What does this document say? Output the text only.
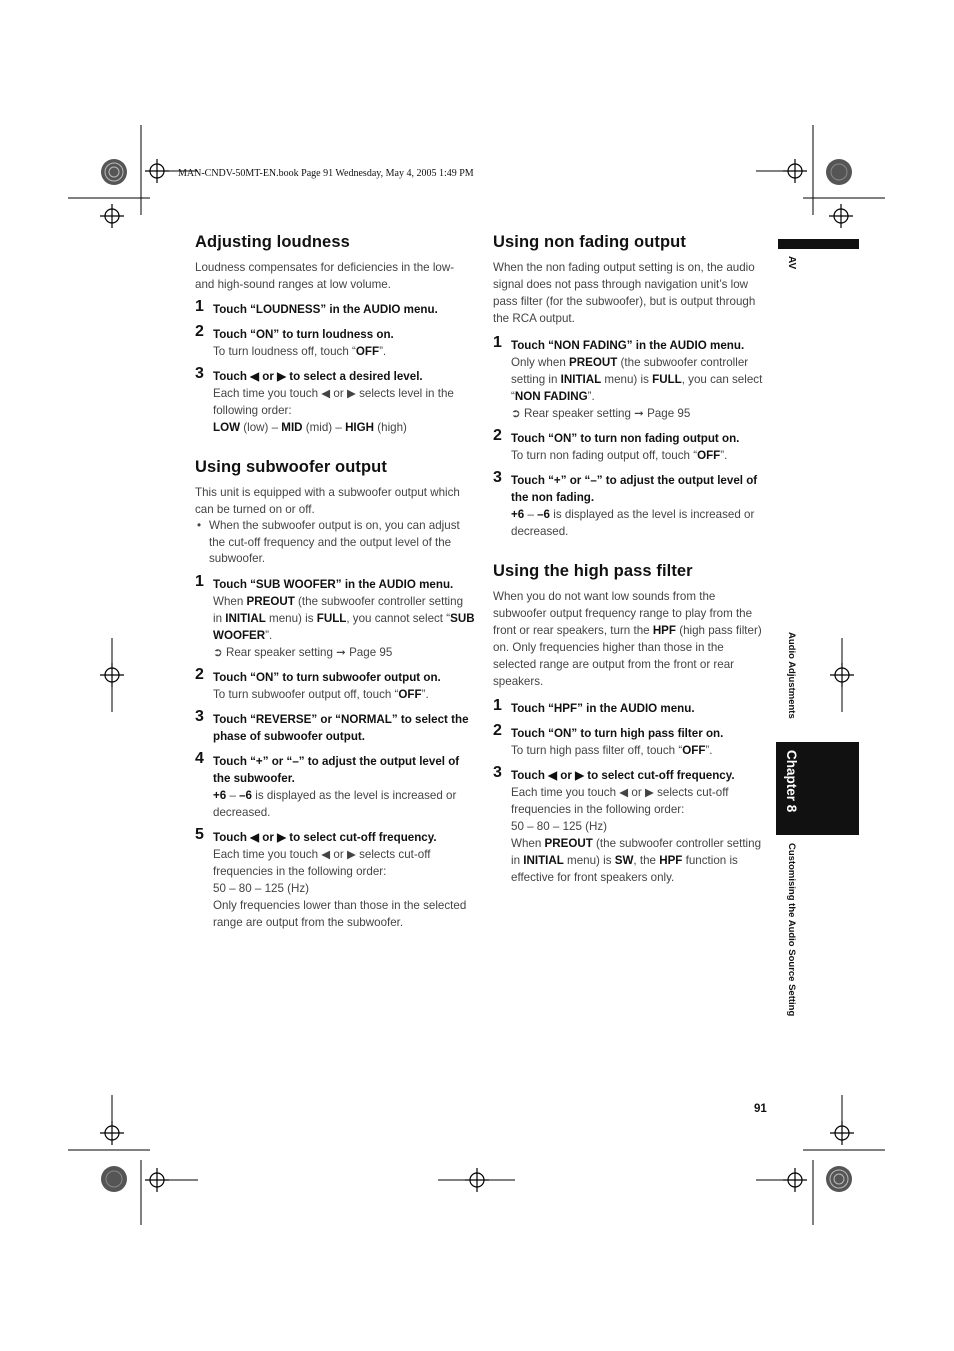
MAN-CNDV-50MT-EN.book Page 91 Wednesday, May 4, 2005 1:49 PM
AV
Audio Adjustments
Chapter 8
Customising the Audio Source Setting
91
Adjusting loudness

Loudness compensates for deficiencies in the low- and high-sound ranges at low volume.

1 Touch “LOUDNESS” in the AUDIO menu.
2 Touch “ON” to turn loudness on.
To turn loudness off, touch “OFF”.
3 Touch ◀ or ▶ to select a desired level.
Each time you touch ◀ or ▶ selects level in the following order:
LOW (low) – MID (mid) – HIGH (high)
Using subwoofer output

This unit is equipped with a subwoofer output which can be turned on or off.

• When the subwoofer output is on, you can adjust the cut-off frequency and the output level of the subwoofer.
1 Touch “SUB WOOFER” in the AUDIO menu.
When PREOUT (the subwoofer controller setting in INITIAL menu) is FULL, you cannot select “SUB WOOFER”.
➲ Rear speaker setting ➞ Page 95
2 Touch “ON” to turn subwoofer output on.
To turn subwoofer output off, touch “OFF”.
3 Touch “REVERSE” or “NORMAL” to select the phase of subwoofer output.
4 Touch “+” or “–” to adjust the output level of the subwoofer.
+6 – –6 is displayed as the level is increased or decreased.
5 Touch ◀ or ▶ to select cut-off frequency.
Each time you touch ◀ or ▶ selects cut-off frequencies in the following order:
50 – 80 – 125 (Hz)
Only frequencies lower than those in the selected range are output from the subwoofer.
Using non fading output

When the non fading output setting is on, the audio signal does not pass through navigation unit’s low pass filter (for the subwoofer), but is output through the RCA output.

1 Touch “NON FADING” in the AUDIO menu.
Only when PREOUT (the subwoofer controller setting in INITIAL menu) is FULL, you can select “NON FADING”.
➲ Rear speaker setting ➞ Page 95
2 Touch “ON” to turn non fading output on.
To turn non fading output off, touch “OFF”.
3 Touch “+” or “–” to adjust the output level of the non fading.
+6 – –6 is displayed as the level is increased or decreased.
Using the high pass filter

When you do not want low sounds from the subwoofer output frequency range to play from the front or rear speakers, turn the HPF (high pass filter) on. Only frequencies higher than those in the selected range are output from the front or rear speakers.

1 Touch “HPF” in the AUDIO menu.
2 Touch “ON” to turn high pass filter on.
To turn high pass filter off, touch “OFF”.
3 Touch ◀ or ▶ to select cut-off frequency.
Each time you touch ◀ or ▶ selects cut-off frequencies in the following order:
50 – 80 – 125 (Hz)
When PREOUT (the subwoofer controller setting in INITIAL menu) is SW, the HPF function is effective for front speakers only.
